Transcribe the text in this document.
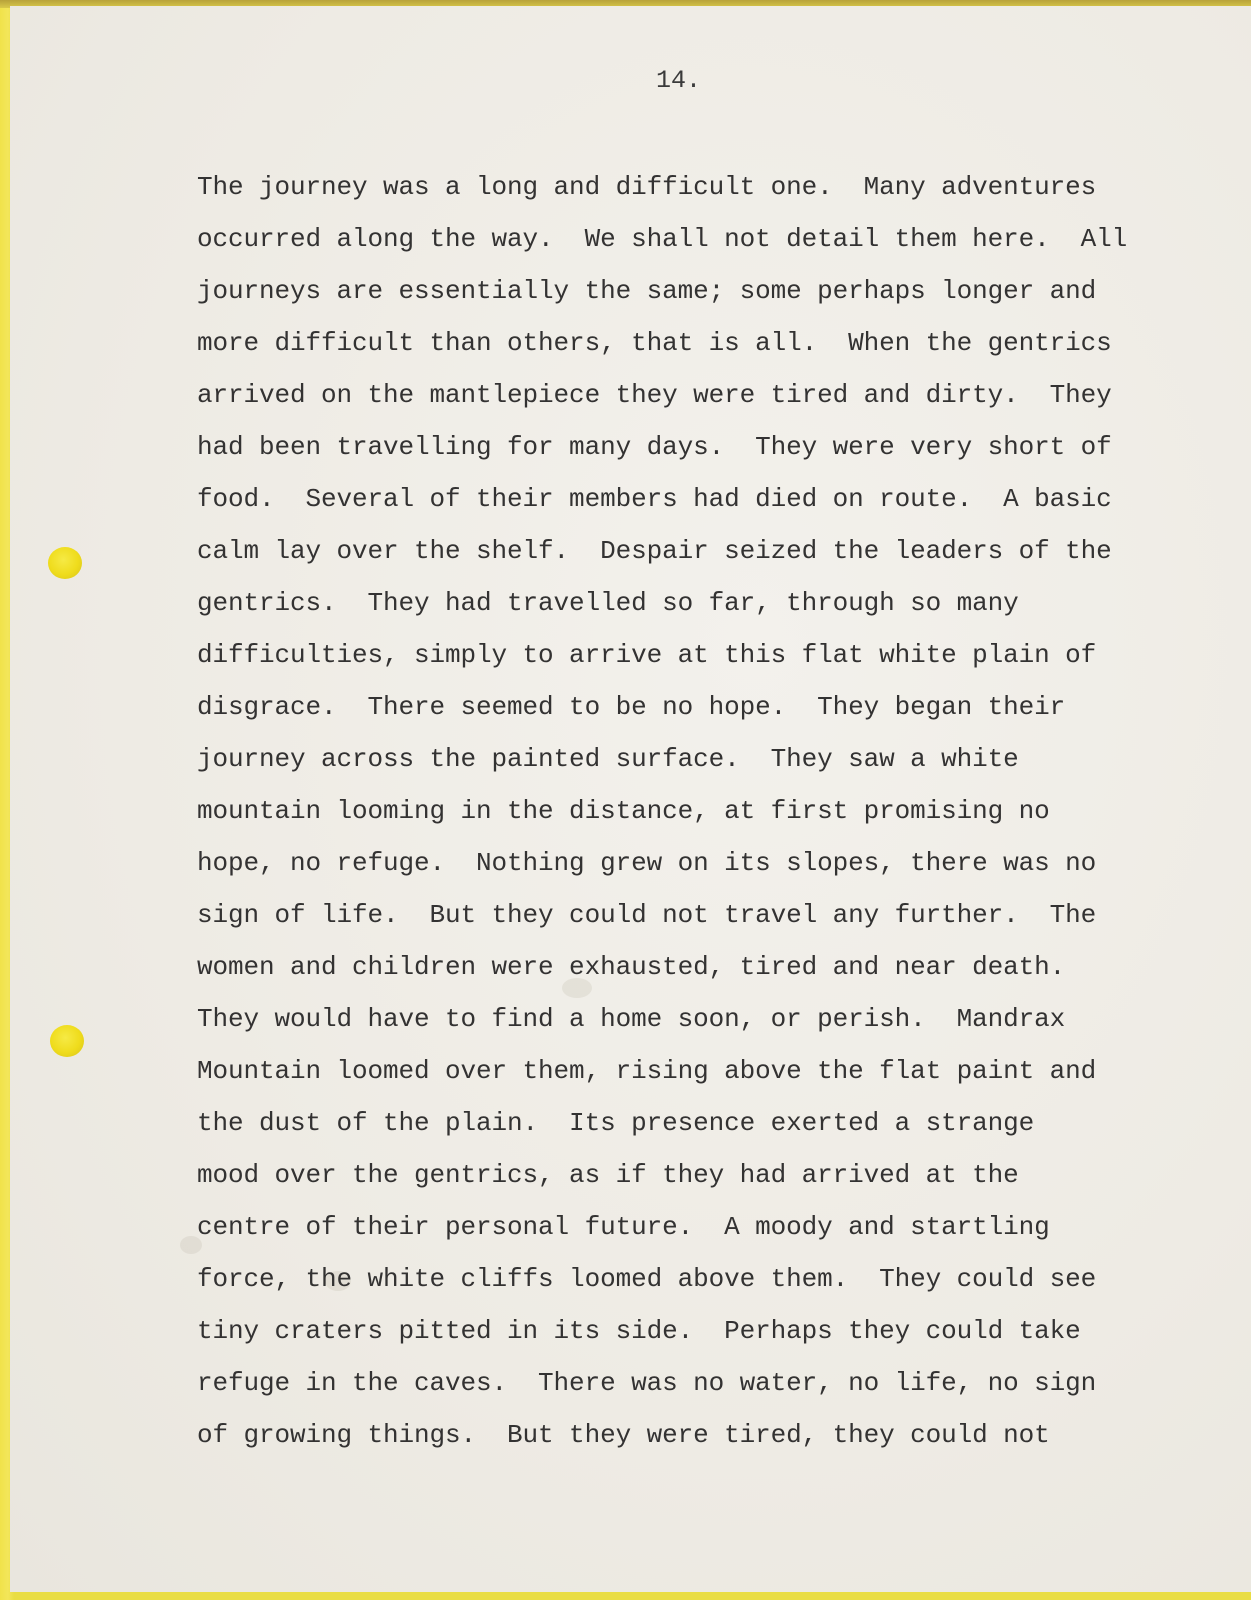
14.

The journey was a long and difficult one.  Many adventures
occurred along the way.  We shall not detail them here.  All
journeys are essentially the same; some perhaps longer and
more difficult than others, that is all.  When the gentrics
arrived on the mantlepiece they were tired and dirty.  They
had been travelling for many days.  They were very short of
food.  Several of their members had died on route.  A basic
calm lay over the shelf.  Despair seized the leaders of the
gentrics.  They had travelled so far, through so many
difficulties, simply to arrive at this flat white plain of
disgrace.  There seemed to be no hope.  They began their
journey across the painted surface.  They saw a white
mountain looming in the distance, at first promising no
hope, no refuge.  Nothing grew on its slopes, there was no
sign of life.  But they could not travel any further.  The
women and children were exhausted, tired and near death.
They would have to find a home soon, or perish.  Mandrax
Mountain loomed over them, rising above the flat paint and
the dust of the plain.  Its presence exerted a strange
mood over the gentrics, as if they had arrived at the
centre of their personal future.  A moody and startling
force, the white cliffs loomed above them.  They could see
tiny craters pitted in its side.  Perhaps they could take
refuge in the caves.  There was no water, no life, no sign
of growing things.  But they were tired, they could not
